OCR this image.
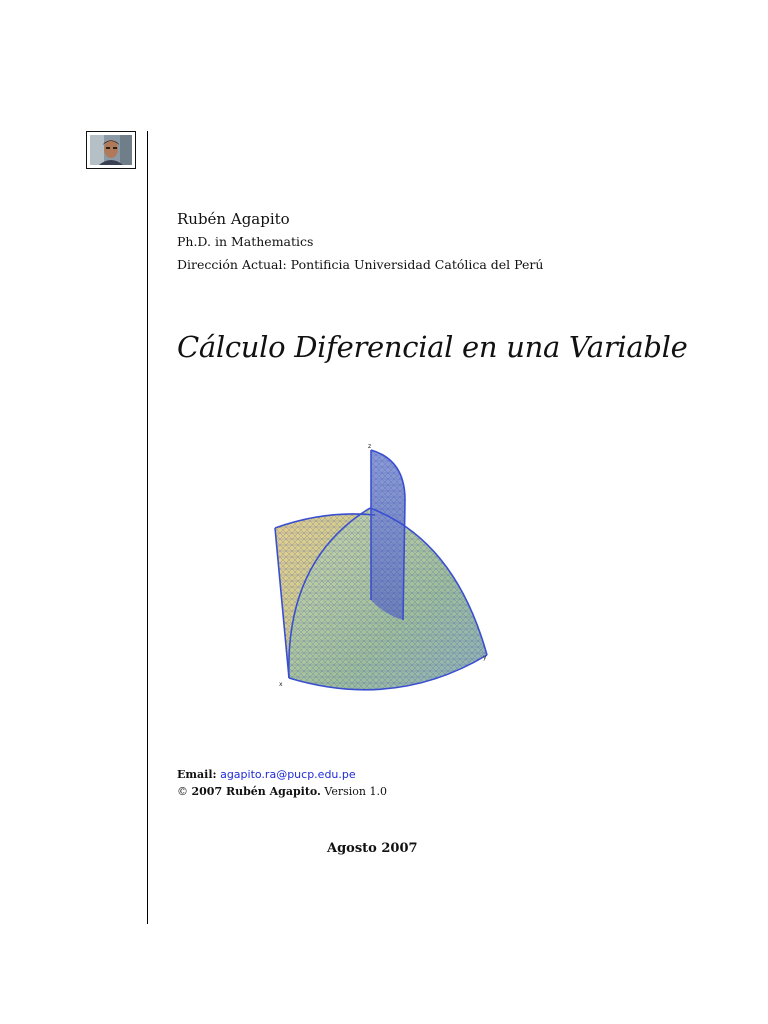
Rubén Agapito
Ph.D. in Mathematics
Dirección Actual: Pontificia Universidad Católica del Perú
Cálculo Diferencial en una Variable
x
y
z
Email: agapito.ra@pucp.edu.pe
© 2007 Rubén Agapito. Version 1.0
Agosto 2007
